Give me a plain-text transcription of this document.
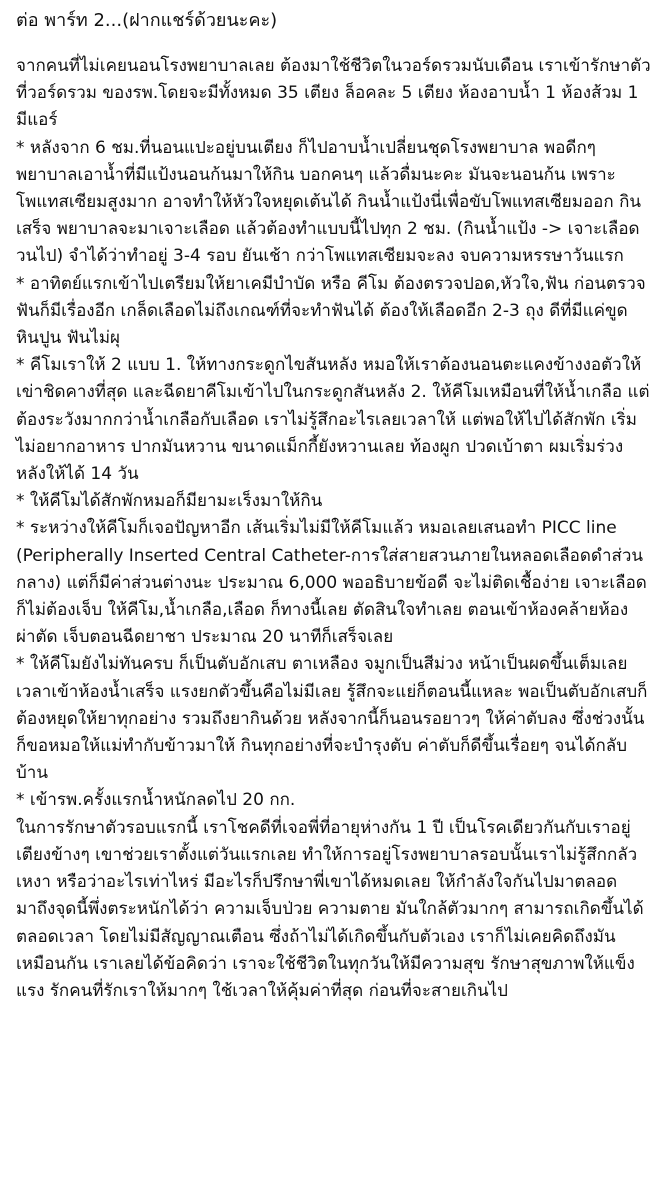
ต่อ พาร์ท 2...(ฝากแชร์ด้วยนะคะ)

จากคนที่ไม่เคยนอนโรงพยาบาลเลย ต้องมาใช้ชีวิตในวอร์ดรวมนับเดือน เราเข้ารักษาตัวที่วอร์ดรวม ของรพ.โดยจะมีทั้งหมด 35 เตียง ล็อคละ 5 เตียง ห้องอาบน้ำ 1 ห้องส้วม 1 มีแอร์

* หลังจาก 6 ชม.ที่นอนแปะอยู่บนเตียง ก็ไปอาบน้ำเปลี่ยนชุดโรงพยาบาล พอดีกๆ พยาบาลเอาน้ำที่มีแป้งนอนก้นมาให้กิน บอกคนๆ แล้วดื่มนะคะ มันจะนอนก้น เพราะโพแทสเซียมสูงมาก อาจทำให้หัวใจหยุดเต้นได้ กินน้ำแป้งนี่เพื่อขับโพแทสเซียมออก กินเสร็จ พยาบาลจะมาเจาะเลือด แล้วต้องทำแบบนี้ไปทุก 2 ชม. (กินน้ำแป้ง -> เจาะเลือด วนไป) จำได้ว่าทำอยู่ 3-4 รอบ ยันเช้า กว่าโพแทสเซียมจะลง จบความหรรษาวันแรก

* อาทิตย์แรกเข้าไปเตรียมให้ยาเคมีบำบัด หรือ คีโม ต้องตรวจปอด,หัวใจ,ฟัน ก่อนตรวจฟันก็มีเรื่องอีก เกล็ดเลือดไม่ถึงเกณฑ์ที่จะทำฟันได้ ต้องให้เลือดอีก 2-3 ถุง ดีที่มีแค่ขูดหินปูน ฟันไม่ผุ

* คีโมเราให้ 2 แบบ 1. ให้ทางกระดูกไขสันหลัง หมอให้เราต้องนอนตะแคงข้างงอตัวให้เข่าชิดคางที่สุด และฉีดยาคีโมเข้าไปในกระดูกสันหลัง 2. ให้คีโมเหมือนที่ให้น้ำเกลือ แต่ต้องระวังมากกว่าน้ำเกลือกับเลือด เราไม่รู้สึกอะไรเลยเวลาให้ แต่พอให้ไปได้สักพัก เริ่มไม่อยากอาหาร ปากมันหวาน ขนาดแม็กกี้ยังหวานเลย ท้องผูก ปวดเบ้าตา ผมเริ่มร่วง หลังให้ได้ 14 วัน

* ให้คีโมได้สักพักหมอก็มียามะเร็งมาให้กิน

* ระหว่างให้คีโมก็เจอปัญหาอีก เส้นเริ่มไม่มีให้คีโมแล้ว หมอเลยเสนอทำ PICC line (Peripherally Inserted Central Catheter-การใส่สายสวนภายในหลอดเลือดดำส่วนกลาง) แต่ก็มีค่าส่วนต่างนะ ประมาณ 6,000 พออธิบายข้อดี จะไม่ติดเชื้อง่าย เจาะเลือดก็ไม่ต้องเจ็บ ให้คีโม,น้ำเกลือ,เลือด ก็ทางนี้เลย ตัดสินใจทำเลย ตอนเข้าห้องคล้ายห้องผ่าตัด เจ็บตอนฉีดยาชา ประมาณ 20 นาทีก็เสร็จเลย

* ให้คีโมยังไม่ทันครบ ก็เป็นตับอักเสบ ตาเหลือง จมูกเป็นสีม่วง หน้าเป็นผดขึ้นเต็มเลย เวลาเข้าห้องน้ำเสร็จ แรงยกตัวขึ้นคือไม่มีเลย รู้สึกจะแย่ก็ตอนนี้แหละ พอเป็นตับอักเสบก็ต้องหยุดให้ยาทุกอย่าง รวมถึงยากินด้วย หลังจากนี้ก็นอนรอยาวๆ ให้ค่าตับลง ซึ่งช่วงนั้นก็ขอหมอให้แม่ทำกับข้าวมาให้ กินทุกอย่างที่จะบำรุงตับ ค่าตับก็ดีขึ้นเรื่อยๆ จนได้กลับบ้าน

* เข้ารพ.ครั้งแรกน้ำหนักลดไป 20 กก.

ในการรักษาตัวรอบแรกนี้ เราโชคดีที่เจอพี่ที่อายุห่างกัน 1 ปี เป็นโรคเดียวกันกับเราอยู่เตียงข้างๆ เขาช่วยเราตั้งแต่วันแรกเลย ทำให้การอยู่โรงพยาบาลรอบนั้นเราไม่รู้สึกกลัว เหงา หรือว่าอะไรเท่าไหร่ มีอะไรก็ปรึกษาพี่เขาได้หมดเลย ให้กำลังใจกันไปมาตลอด

มาถึงจุดนี้พึ่งตระหนักได้ว่า ความเจ็บป่วย ความตาย มันใกล้ตัวมากๆ สามารถเกิดขึ้นได้ตลอดเวลา โดยไม่มีสัญญาณเตือน ซึ่งถ้าไม่ได้เกิดขึ้นกับตัวเอง เราก็ไม่เคยคิดถึงมันเหมือนกัน เราเลยได้ข้อคิดว่า เราจะใช้ชีวิตในทุกวันให้มีความสุข รักษาสุขภาพให้แข็งแรง รักคนที่รักเราให้มากๆ ใช้เวลาให้คุ้มค่าที่สุด ก่อนที่จะสายเกินไป
